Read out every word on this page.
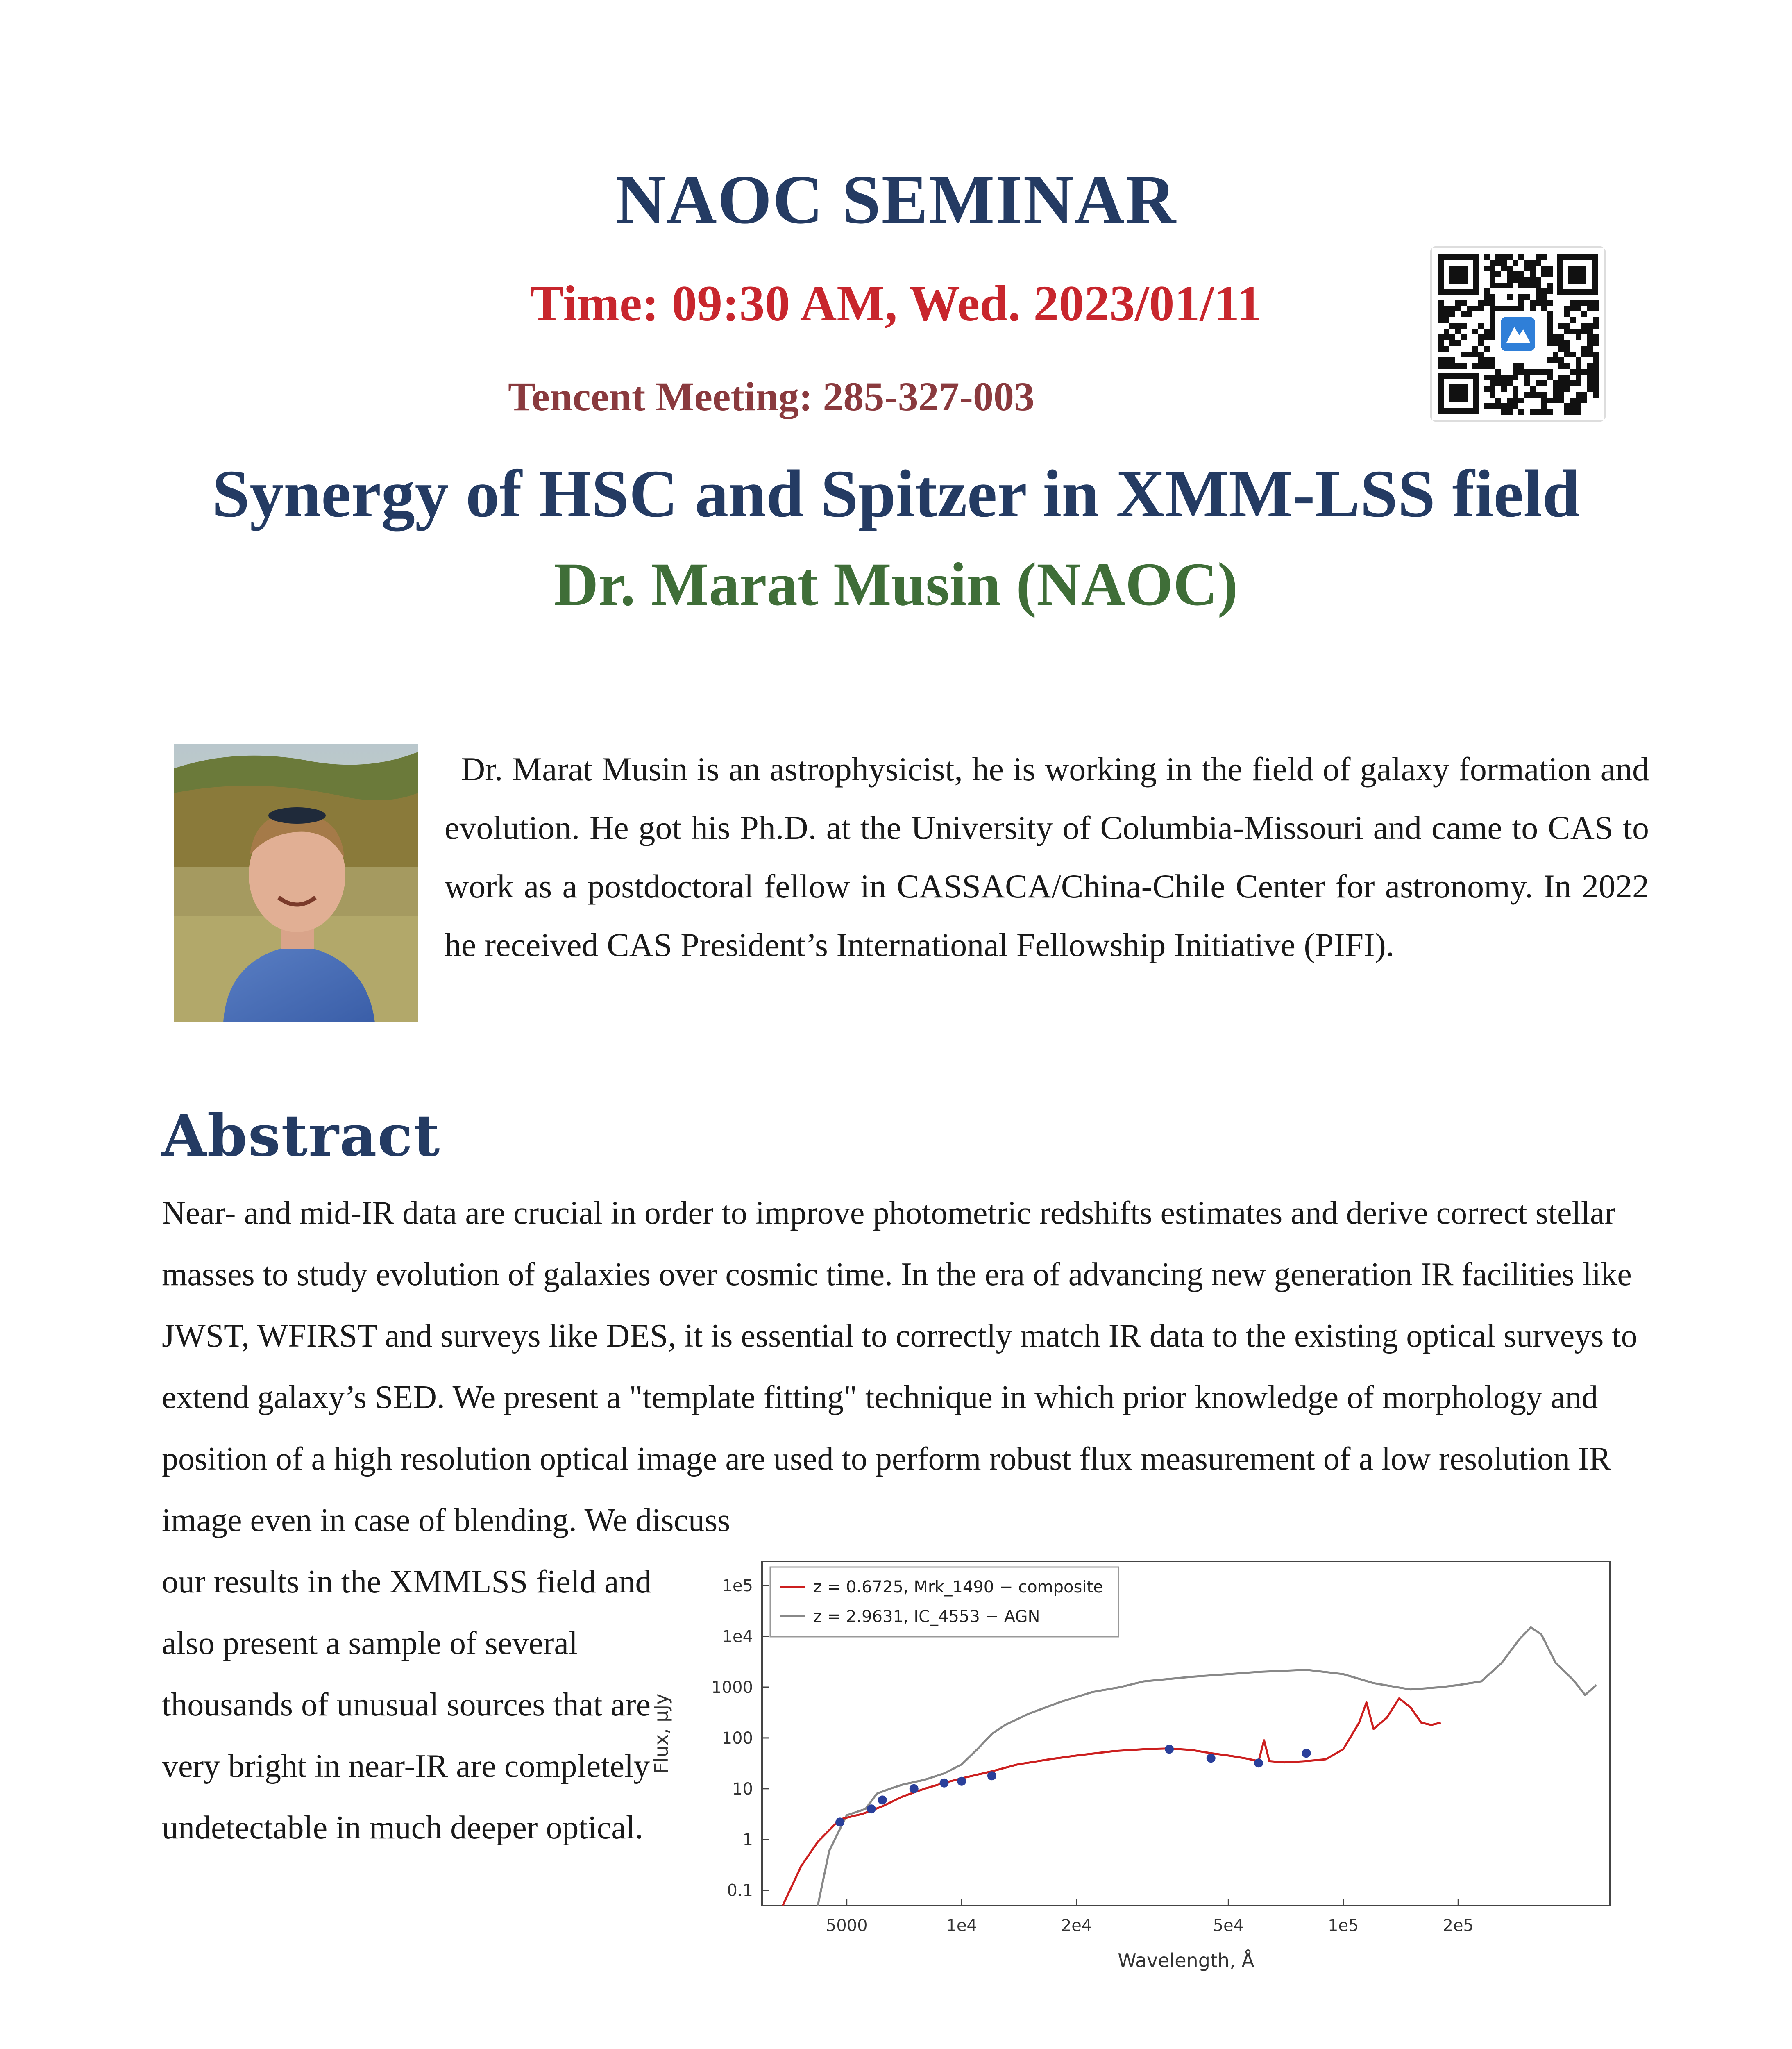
NAOC SEMINAR
Time: 09:30 AM, Wed. 2023/01/11
Tencent Meeting: 285-327-003
Synergy of HSC and Spitzer in XMM-LSS field
Dr. Marat Musin (NAOC)
Dr. Marat Musin is an astrophysicist, he is working in the field of galaxy formation and evolution. He got his Ph.D. at the University of Columbia-Missouri and came to CAS to work as a postdoctoral fellow in CASSACA/China-Chile Center for astronomy. In 2022 he received CAS President’s International Fellowship Initiative (PIFI).
Abstract
Near- and mid-IR data are crucial in order to improve photometric redshifts estimates and derive correct stellar masses to study evolution of galaxies over cosmic time. In the era of advancing new generation IR facilities like JWST, WFIRST and surveys like DES, it is essential to correctly match IR data to the existing optical surveys to extend galaxy’s SED. We present a "template fitting" technique in which prior knowledge of morphology and position of a high resolution optical image are used to perform robust flux measurement of a low resolution IR image even in case of blending. We discuss
our results in the XMMLSS field and also present a sample of several thousands of unusual sources that are very bright in near-IR are completely undetectable in much deeper optical.
5000	1e4	2e4	5e4	1e5	2e5
0.1
1
10
100
1000
1e4
1e5	z = 0.6725, Mrk_1490 − composite
z = 2.9631, IC_4553 − AGN
Wavelength, Å
Flux, μJy
